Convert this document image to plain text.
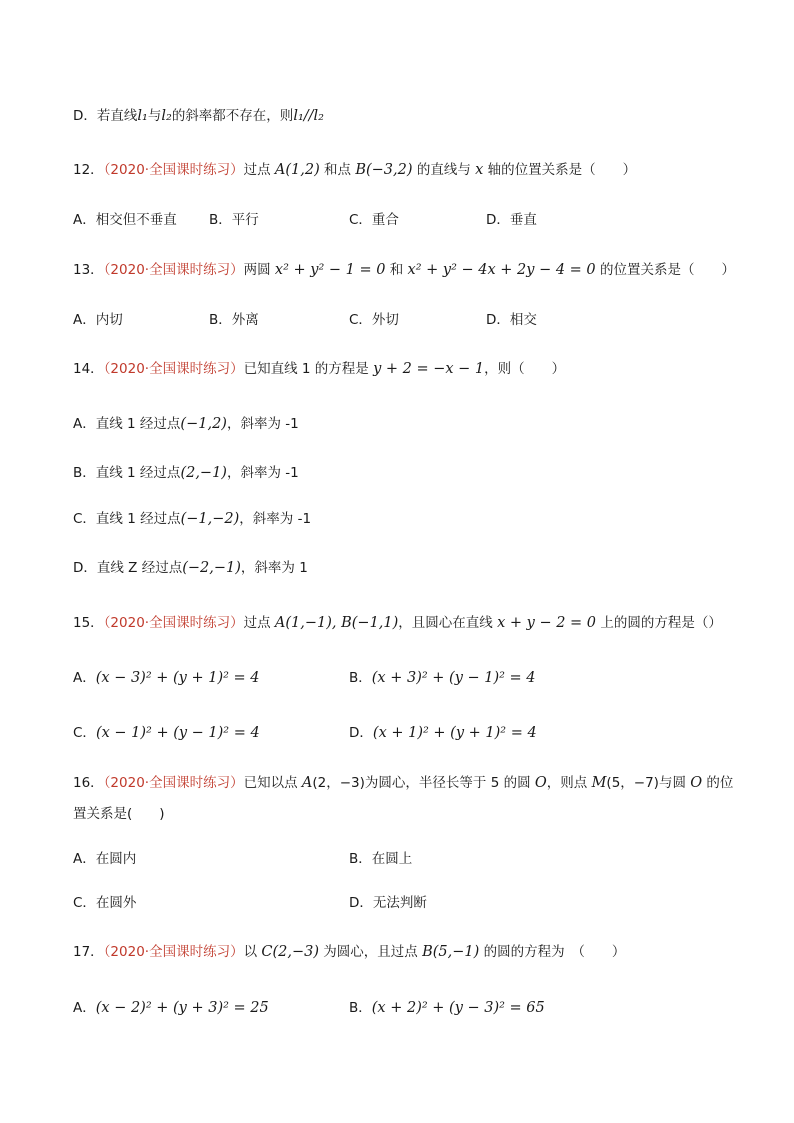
D．若直线l₁与l₂的斜率都不存在，则l₁//l₂
12．（2020·全国课时练习）过点 A(1,2) 和点 B(−3,2) 的直线与 x 轴的位置关系是（　　）
A．相交但不垂直 B．平行	C．重合	D．垂直
13．（2020·全国课时练习）两圆 x² + y² − 1 = 0 和 x² + y² − 4x + 2y − 4 = 0 的位置关系是（　　）
A．内切	B．外离	C．外切	D．相交
14．（2020·全国课时练习）已知直线 1 的方程是 y + 2 = −x − 1，则（　　）
A．直线 1 经过点(−1,2)，斜率为 -1
B．直线 1 经过点(2,−1)，斜率为 -1
C．直线 1 经过点(−1,−2)，斜率为 -1
D．直线 Z 经过点(−2,−1)，斜率为 1
15．（2020·全国课时练习）过点 A(1,−1), B(−1,1)，且圆心在直线 x + y − 2 = 0 上的圆的方程是（）
A．(x − 3)² + (y + 1)² = 4	B．(x + 3)² + (y − 1)² = 4
C．(x − 1)² + (y − 1)² = 4	D．(x + 1)² + (y + 1)² = 4
16．（2020·全国课时练习）已知以点 A(2，−3)为圆心，半径长等于 5 的圆 O，则点 M(5，−7)与圆 O 的位
置关系是(　　)
A．在圆内	B．在圆上
C．在圆外	D．无法判断
17．（2020·全国课时练习）以 C(2,−3) 为圆心，且过点 B(5,−1) 的圆的方程为　（　　）
A．(x − 2)² + (y + 3)² = 25	B．(x + 2)² + (y − 3)² = 65
